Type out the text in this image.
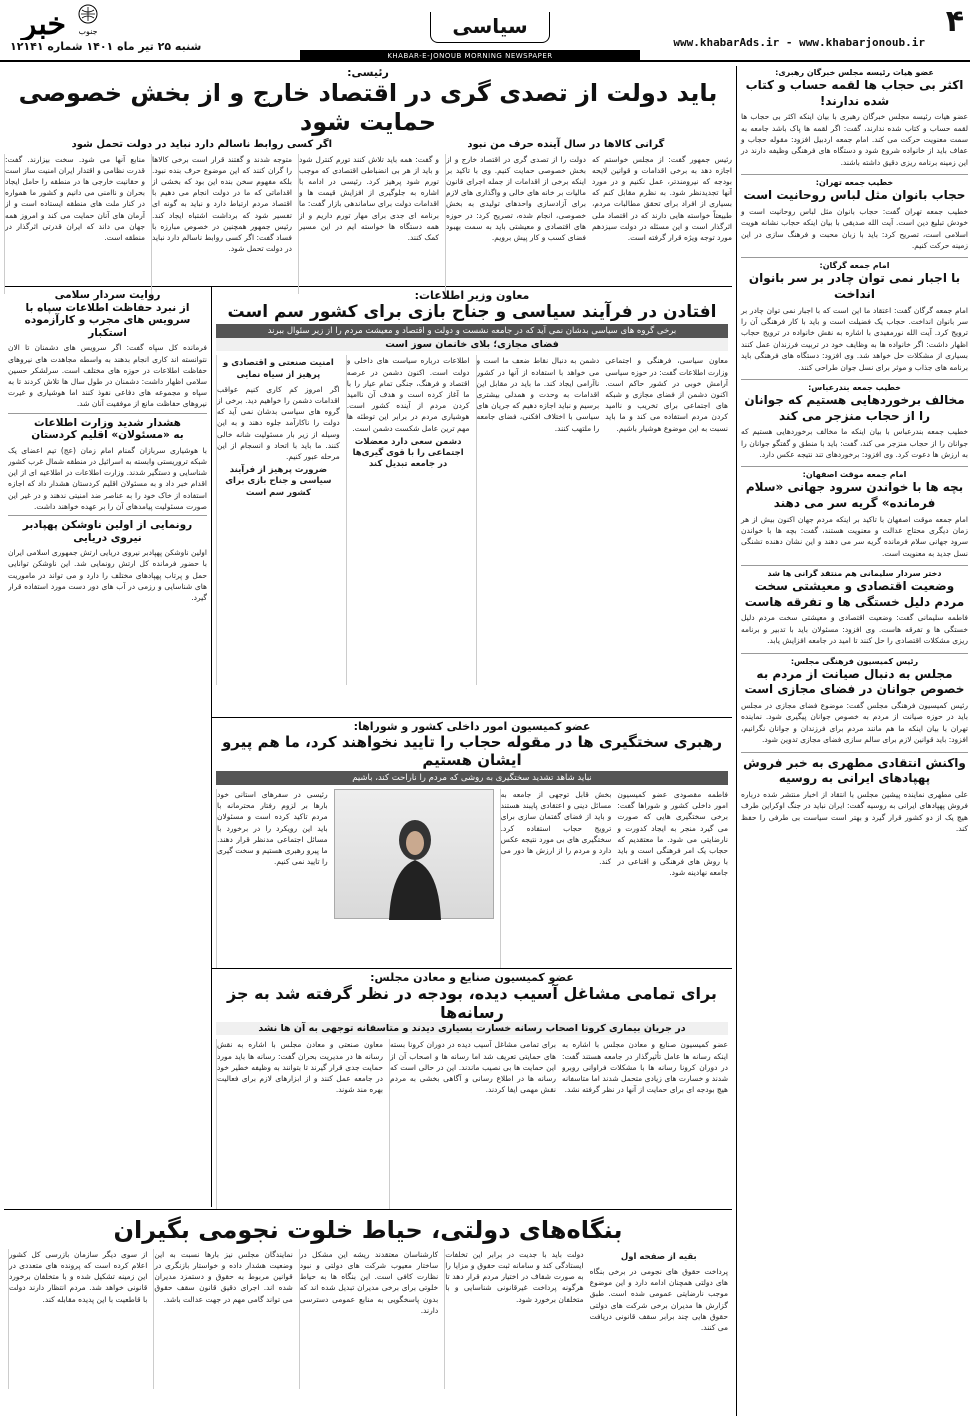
۴
www.khabarAds.ir - www.khabarjonoub.ir
سیاسی
KHABAR-E-JONOUB MORNING NEWSPAPER
خبر جنوب
شنبه ۲۵ تیر ماه ۱۴۰۱ شماره ۱۲۱۴۱
عضو هیات رئیسه مجلس خبرگان رهبری:
اکثر بی حجاب ها لقمه حساب و کتاب شده ندارند!
عضو هیات رئیسه مجلس خبرگان رهبری با بیان اینکه اکثر بی حجاب ها لقمه حساب و کتاب شده ندارند، گفت: اگر لقمه ها پاک باشد جامعه به سمت معنویت حرکت می کند. امام جمعه اردبیل افزود: مقوله حجاب و عفاف باید از خانواده شروع شود و دستگاه های فرهنگی وظیفه دارند در این زمینه برنامه ریزی دقیق داشته باشند.
خطیب جمعه تهران:
حجاب بانوان مثل لباس روحانیت است
خطیب جمعه تهران گفت: حجاب بانوان مثل لباس روحانیت است و خودش تبلیغ دین است. آیت الله صدیقی با بیان اینکه حجاب نشانه هویت اسلامی است، تصریح کرد: باید با زبان محبت و فرهنگ سازی در این زمینه حرکت کنیم.
امام جمعه گرگان:
با اجبار نمی توان چادر بر سر بانوان انداخت
امام جمعه گرگان گفت: اعتقاد ما این است که با اجبار نمی توان چادر بر سر بانوان انداخت. حجاب یک فضیلت است و باید با کار فرهنگی آن را ترویج کرد. آیت الله نورمفیدی با اشاره به نقش خانواده در ترویج حجاب اظهار داشت: اگر خانواده ها به وظایف خود در تربیت فرزندان عمل کنند بسیاری از مشکلات حل خواهد شد. وی افزود: دستگاه های فرهنگی باید برنامه های جذاب و موثر برای نسل جوان طراحی کنند.
خطیب جمعه بندرعباس:
مخالف برخوردهایی هستیم که جوانان را از حجاب منزجر می کند
خطیب جمعه بندرعباس با بیان اینکه ما مخالف برخوردهایی هستیم که جوانان را از حجاب منزجر می کند، گفت: باید با منطق و گفتگو جوانان را به ارزش ها دعوت کرد. وی افزود: برخوردهای تند نتیجه عکس دارد.
امام جمعه موقت اصفهان:
بچه ها با خواندن سرود جهانی «سلام فرمانده» گریه سر می دهند
امام جمعه موقت اصفهان با تاکید بر اینکه مردم جهان اکنون بیش از هر زمان دیگری محتاج عدالت و معنویت هستند، گفت: بچه ها با خواندن سرود جهانی سلام فرمانده گریه سر می دهند و این نشان دهنده تشنگی نسل جدید به معنویت است.
دختر سردار سلیمانی هم منتقد گرانی ها شد
وضعیت اقتصادی و معیشتی سخت مردم دلیل خستگی ها و تفرقه هاست
فاطمه سلیمانی گفت: وضعیت اقتصادی و معیشتی سخت مردم دلیل خستگی ها و تفرقه هاست. وی افزود: مسئولان باید با تدبیر و برنامه ریزی مشکلات اقتصادی را حل کنند تا امید در جامعه افزایش یابد.
رئیس کمیسیون فرهنگی مجلس:
مجلس به دنبال صیانت از مردم به خصوص جوانان در فضای مجازی است
رئیس کمیسیون فرهنگی مجلس گفت: موضوع فضای مجازی در مجلس باید در حوزه صیانت از مردم به خصوص جوانان پیگیری شود. نماینده تهران با بیان اینکه ما هم مانند مردم برای فرزندان و جوانان نگرانیم، افزود: باید قوانین لازم برای سالم سازی فضای مجازی تدوین شود.
واکنش انتقادی مطهری به خبر فروش پهپادهای ایرانی به روسیه
علی مطهری نماینده پیشین مجلس با انتقاد از اخبار منتشر شده درباره فروش پهپادهای ایرانی به روسیه گفت: ایران نباید در جنگ اوکراین طرف هیچ یک از دو کشور قرار گیرد و بهتر است سیاست بی طرفی را حفظ کند.
رئیسی:
باید دولت از تصدی گری در اقتصاد خارج و از بخش خصوصی حمایت شود
گرانی کالاها در سال آینده حرف من نبود
اگر کسی روابط ناسالم دارد نباید در دولت تحمل شود
رئیس جمهور گفت: از مجلس خواستم که اجازه دهد به برخی اقدامات و قوانین لایحه بودجه که نیرومندتر، عمل نکنیم و در مورد آنها تجدیدنظر شود. به نظرم مقابل کنم که بسیاری از افراد برای تحقق مطالبات مردم، طبیعتاً خواسته هایی دارند که در اقتصاد ملی اثرگذار است و این مسئله در دولت سیزدهم مورد توجه ویژه قرار گرفته است.
دولت را از تصدی گری در اقتصاد خارج و از بخش خصوصی حمایت کنیم. وی با تاکید بر اینکه برخی از اقدامات از جمله اجرای قانون مالیات بر خانه های خالی و واگذاری های لازم برای آزادسازی واحدهای تولیدی به بخش خصوصی، انجام شده، تصریح کرد: در حوزه های اقتصادی و معیشتی باید به سمت بهبود فضای کسب و کار پیش برویم.
و گفت: همه باید تلاش کنند تورم کنترل شود و باید از هر بی انضباطی اقتصادی که موجب تورم شود پرهیز کرد. رئیسی در ادامه با اشاره به جلوگیری از افزایش قیمت ها و اقدامات دولت برای ساماندهی بازار گفت: ما برنامه ای جدی برای مهار تورم داریم و از همه دستگاه ها خواسته ایم در این مسیر کمک کنند.
متوجه شدند و گفتند قرار است برخی کالاها را گران کنند که این موضوع حرف بنده نبود. بلکه مفهوم سخن بنده این بود که بخشی از اقداماتی که ما در دولت انجام می دهیم با اقتصاد مردم ارتباط دارد و نباید به گونه ای تفسیر شود که برداشت اشتباه ایجاد کند. رئیس جمهور همچنین در خصوص مبارزه با فساد گفت: اگر کسی روابط ناسالم دارد نباید در دولت تحمل شود.
منابع آنها می شود. سخت بیزارند. گفت: قدرت نظامی و اقتدار ایران امنیت ساز است و حقانیت خارجی ها در منطقه را حامل ایجاد بحران و ناامنی می دانیم و کشور ما همواره در کنار ملت های منطقه ایستاده است و از آرمان های آنان حمایت می کند و امروز همه جهان می داند که ایران قدرتی اثرگذار در منطقه است.
معاون وزیر اطلاعات:
افتادن در فرآیند سیاسی و جناح بازی برای کشور سم است
برخی گروه های سیاسی بدشان نمی آید که در جامعه نشست و دولت و اقتصاد و معیشت مردم را از زیر سئوال ببرند
فضای مجازی؛ بلای خانمان سوز است
معاون سیاسی، فرهنگی و اجتماعی وزارت اطلاعات گفت: در حوزه سیاسی آرامش خوبی در کشور حاکم است. اکنون دشمن از فضای مجازی و شبکه های اجتماعی برای تخریب و ناامید کردن مردم استفاده می کند و ما باید نسبت به این موضوع هوشیار باشیم.
دشمن به دنبال نقاط ضعف ما است و می خواهد با استفاده از آنها در کشور ناآرامی ایجاد کند. ما باید در مقابل این اقدامات به وحدت و همدلی بیشتری برسیم و نباید اجازه دهیم که جریان های سیاسی با اختلاف افکنی، فضای جامعه را ملتهب کنند.
اطلاعات درباره سیاست های داخلی و دولت است. اکنون دشمن در عرصه اقتصاد و فرهنگ، جنگی تمام عیار را با ما آغاز کرده است و هدف آن ناامید کردن مردم از آینده کشور است. هوشیاری مردم در برابر این توطئه ها مهم ترین عامل شکست دشمن است.
دشمن سعی دارد معضلات اجتماعی را با قوی گیری‌ها در جامعه تبدیل کند
امنیت صنعتی و اقتصادی و پرهیز از سیاه نمایی
اگر امروز کم کاری کنیم عواقب اقدامات دشمن را خواهیم دید. برخی از گروه های سیاسی بدشان نمی آید که دولت را ناکارآمد جلوه دهند و به این وسیله از زیر بار مسئولیت شانه خالی کنند. ما باید با اتحاد و انسجام از این مرحله عبور کنیم.
ضرورت پرهیز از فرآیند سیاسی و جناح بازی برای کشور سم است
عضو کمیسیون امور داخلی کشور و شوراها:
رهبری سختگیری ها در مقوله حجاب را تایید نخواهند کرد، ما هم پیرو ایشان هستیم
نباید شاهد تشدید سختگیری به روشی که مردم را ناراحت کند، باشیم
فاطمه مقصودی عضو کمیسیون امور داخلی کشور و شوراها گفت: برخی سختگیری هایی که صورت می گیرد منجر به ایجاد کدورت و نارضایتی می شود. ما معتقدیم که حجاب یک امر فرهنگی است و باید با روش های فرهنگی و اقناعی در جامعه نهادینه شود.
بخش قابل توجهی از جامعه به مسائل دینی و اعتقادی پایبند هستند و باید از فضای گفتمان سازی برای ترویج حجاب استفاده کرد. سختگیری های بی مورد نتیجه عکس دارد و مردم را از ارزش ها دور می کند.
رئیسی در سفرهای استانی خود بارها بر لزوم رفتار محترمانه با مردم تاکید کرده است و مسئولان باید این رویکرد را در برخورد با مسائل اجتماعی مدنظر قرار دهند. ما پیرو رهبری هستیم و سخت گیری را تایید نمی کنیم.
عضو کمیسیون صنایع و معادن مجلس:
برای تمامی مشاغل آسیب دیده، بودجه در نظر گرفته شد به جز رسانه‌ها
در جریان بیماری کرونا اصحاب رسانه خسارت بسیاری دیدند و متاسفانه توجهی به آن ها نشد
عضو کمیسیون صنایع و معادن مجلس با اشاره به اینکه رسانه ها عامل تأثیرگذار در جامعه هستند گفت: در دوران کرونا رسانه ها با مشکلات فراوانی روبرو شدند و خسارت های زیادی متحمل شدند اما متاسفانه هیچ بودجه ای برای حمایت از آنها در نظر گرفته نشد.
برای تمامی مشاغل آسیب دیده در دوران کرونا بسته های حمایتی تعریف شد اما رسانه ها و اصحاب آن از این حمایت ها بی نصیب ماندند. این در حالی است که رسانه ها در اطلاع رسانی و آگاهی بخشی به مردم نقش مهمی ایفا کردند.
معاون صنعتی و معادن مجلس با اشاره به نقش رسانه ها در مدیریت بحران گفت: رسانه ها باید مورد حمایت جدی قرار گیرند تا بتوانند به وظیفه خطیر خود در جامعه عمل کنند و از ابزارهای لازم برای فعالیت بهره مند شوند.
روایت سردار سلامی
از نبرد حفاظت اطلاعات سپاه با سرویس های مجرب و کارآزموده استکبار
فرمانده کل سپاه گفت: اگر سرویس های دشمنان تا الان نتوانسته اند کاری انجام بدهند به واسطه مجاهدت های نیروهای حفاظت اطلاعات در حوزه های مختلف است. سرلشکر حسین سلامی اظهار داشت: دشمنان در طول سال ها تلاش کردند تا به سپاه و مجموعه های دفاعی نفوذ کنند اما هوشیاری و غیرت نیروهای حفاظت مانع از موفقیت آنان شد.
هشدار شدید وزارت اطلاعات
به «مسئولان» اقلیم کردستان
با هوشیاری سربازان گمنام امام زمان (عج) تیم اعضای یک شبکه تروریستی وابسته به اسرائیل در منطقه شمال غرب کشور شناسایی و دستگیر شدند. وزارت اطلاعات در اطلاعیه ای از این اقدام خبر داد و به مسئولان اقلیم کردستان هشدار داد که اجازه استفاده از خاک خود را به عناصر ضد امنیتی ندهند و در غیر این صورت مسئولیت پیامدهای آن را بر عهده خواهند داشت.
رونمایی از اولین ناوشکن پهپادبر نیروی دریایی
اولین ناوشکن پهپادبر نیروی دریایی ارتش جمهوری اسلامی ایران با حضور فرمانده کل ارتش رونمایی شد. این ناوشکن توانایی حمل و پرتاب پهپادهای مختلف را دارد و می تواند در ماموریت های شناسایی و رزمی در آب های دور دست مورد استفاده قرار گیرد.
بنگاه‌های دولتی، حیاط خلوت نجومی بگیران
بقیه از صفحه اول
پرداخت حقوق های نجومی در برخی بنگاه های دولتی همچنان ادامه دارد و این موضوع موجب نارضایتی عمومی شده است. طبق گزارش ها مدیران برخی شرکت های دولتی حقوق هایی چند برابر سقف قانونی دریافت می کنند.
دولت باید با جدیت در برابر این تخلفات ایستادگی کند و سامانه ثبت حقوق و مزایا را به صورت شفاف در اختیار مردم قرار دهد تا هرگونه پرداخت غیرقانونی شناسایی و با متخلفان برخورد شود.
کارشناسان معتقدند ریشه این مشکل در ساختار معیوب شرکت های دولتی و نبود نظارت کافی است. این بنگاه ها به حیاط خلوتی برای برخی مدیران تبدیل شده اند که بدون پاسخگویی به منابع عمومی دسترسی دارند.
نمایندگان مجلس نیز بارها نسبت به این وضعیت هشدار داده و خواستار بازنگری در قوانین مربوط به حقوق و دستمزد مدیران شده اند. اجرای دقیق قانون سقف حقوق می تواند گامی مهم در جهت عدالت باشد.
از سوی دیگر سازمان بازرسی کل کشور اعلام کرده است که پرونده های متعددی در این زمینه تشکیل شده و با متخلفان برخورد قانونی خواهد شد. مردم انتظار دارند دولت با قاطعیت با این پدیده مقابله کند.
